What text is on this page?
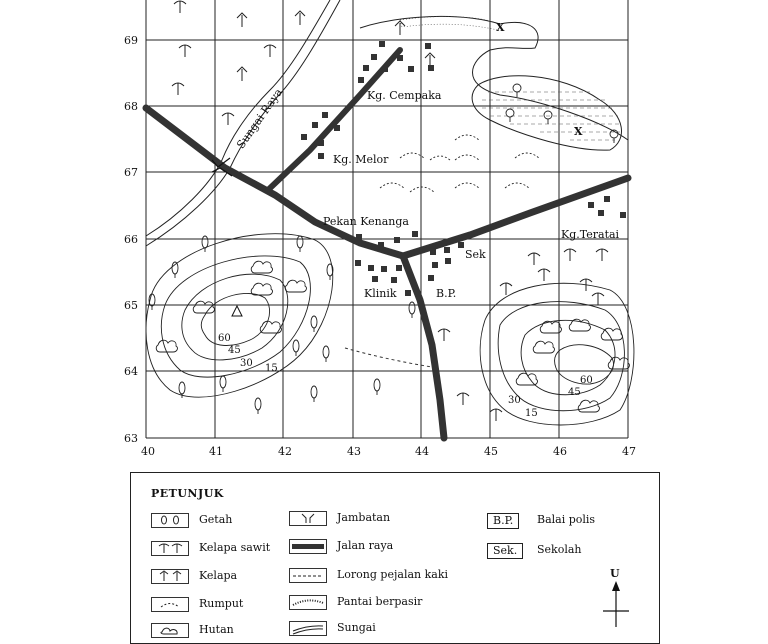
40	41	42	43	44	45	46	47
69
68
67
66
65
64
63
Sungai Raya
60
45
30 15
60
45
30
15
Kg. Cempaka
Kg. Melor
Pekan Kenanga
Kg.Teratai
Klinik	B.P.
Sek
X
X
PETUNJUK
Getah
Kelapa sawit
Kelapa
Rumput
Hutan
Jambatan
Jalan raya
Lorong pejalan kaki
Pantai berpasir
Sungai
B.P.	Balai polis
Sek.	Sekolah
U
